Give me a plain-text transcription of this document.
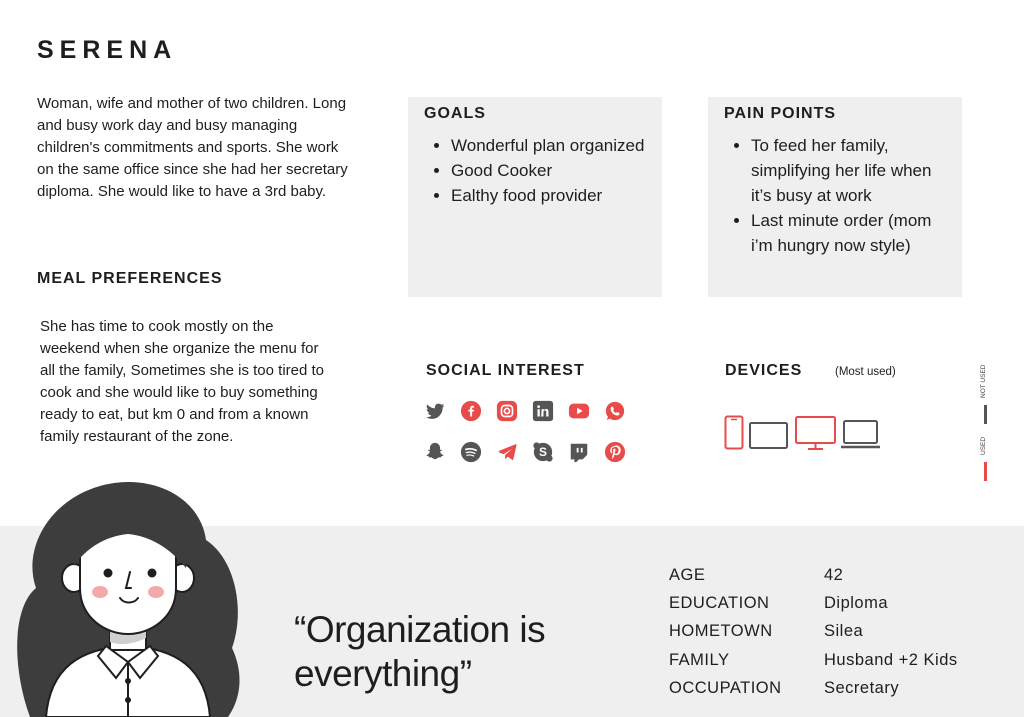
SERENA
Woman, wife and mother of two children. Long and busy work day and busy managing children's commitments and sports. She work on the same office since she had her secretary diploma. She would like to have a 3rd baby.
MEAL PREFERENCES
She has time to cook mostly on the weekend when she organize the menu for all the family, Sometimes she is too tired to cook and she would like to buy something ready to eat, but km 0 and from a known family restaurant of the zone.
GOALS
Wonderful plan organized
Good Cooker
Ealthy food provider
PAIN POINTS
To feed her family, simplifying her life when it’s busy at work
Last minute order (mom i’m hungry now style)
SOCIAL INTEREST
S
DEVICES	(Most used)	NOT USED
USED
“Organization is everything”
AGE	42
EDUCATION	Diploma
HOMETOWN	Silea
FAMILY	Husband +2 Kids
OCCUPATION	Secretary
